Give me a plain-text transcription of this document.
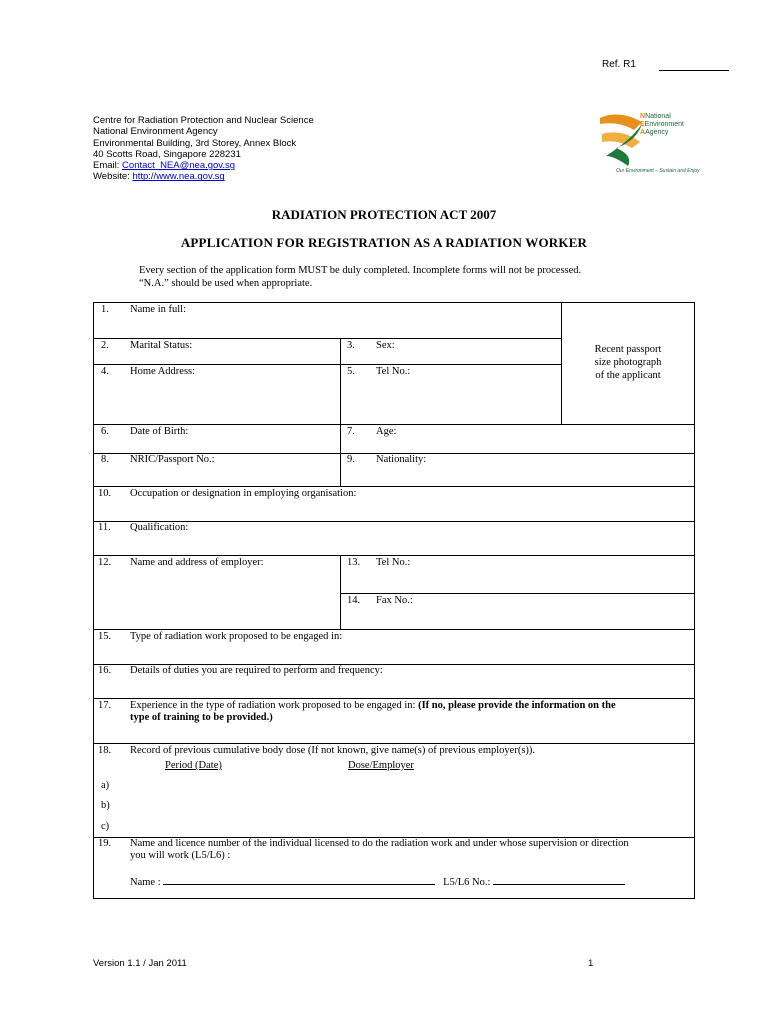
Ref. R1
Centre for Radiation Protection and Nuclear Science
National Environment Agency
Environmental Building, 3rd Storey, Annex Block
40 Scotts Road, Singapore 228231
Email: Contact_NEA@nea.gov.sg
Website: http://www.nea.gov.sg
NNational
EEnvironment
AAgency
Our Environment – Sustain and Enjoy
RADIATION PROTECTION ACT 2007
APPLICATION FOR REGISTRATION AS A RADIATION WORKER
Every section of the application form MUST be duly completed. Incomplete forms will not be processed.
“N.A.” should be used when appropriate.
Recent passport
size photograph
of the applicant
1. Name in full:
2. Marital Status:	3. Sex:
4. Home Address:	5. Tel No.:
6. Date of Birth:	7. Age:
8. NRIC/Passport No.:	9. Nationality:
10. Occupation or designation in employing organisation:
11. Qualification:
12. Name and address of employer:	13. Tel No.:
14. Fax No.:
15. Type of radiation work proposed to be engaged in:
16. Details of duties you are required to perform and frequency:
17. Experience in the type of radiation work proposed to be engaged in: (If no, please provide the information on the
type of training to be provided.)
18. Record of previous cumulative body dose (If not known, give name(s) of previous employer(s)).
Period (Date)	Dose/Employer
a)
b)
c)
19. Name and licence number of the individual licensed to do the radiation work and under whose supervision or direction
you will work (L5/L6) :
Name :	L5/L6 No.:
Version 1.1 / Jan 2011	1
